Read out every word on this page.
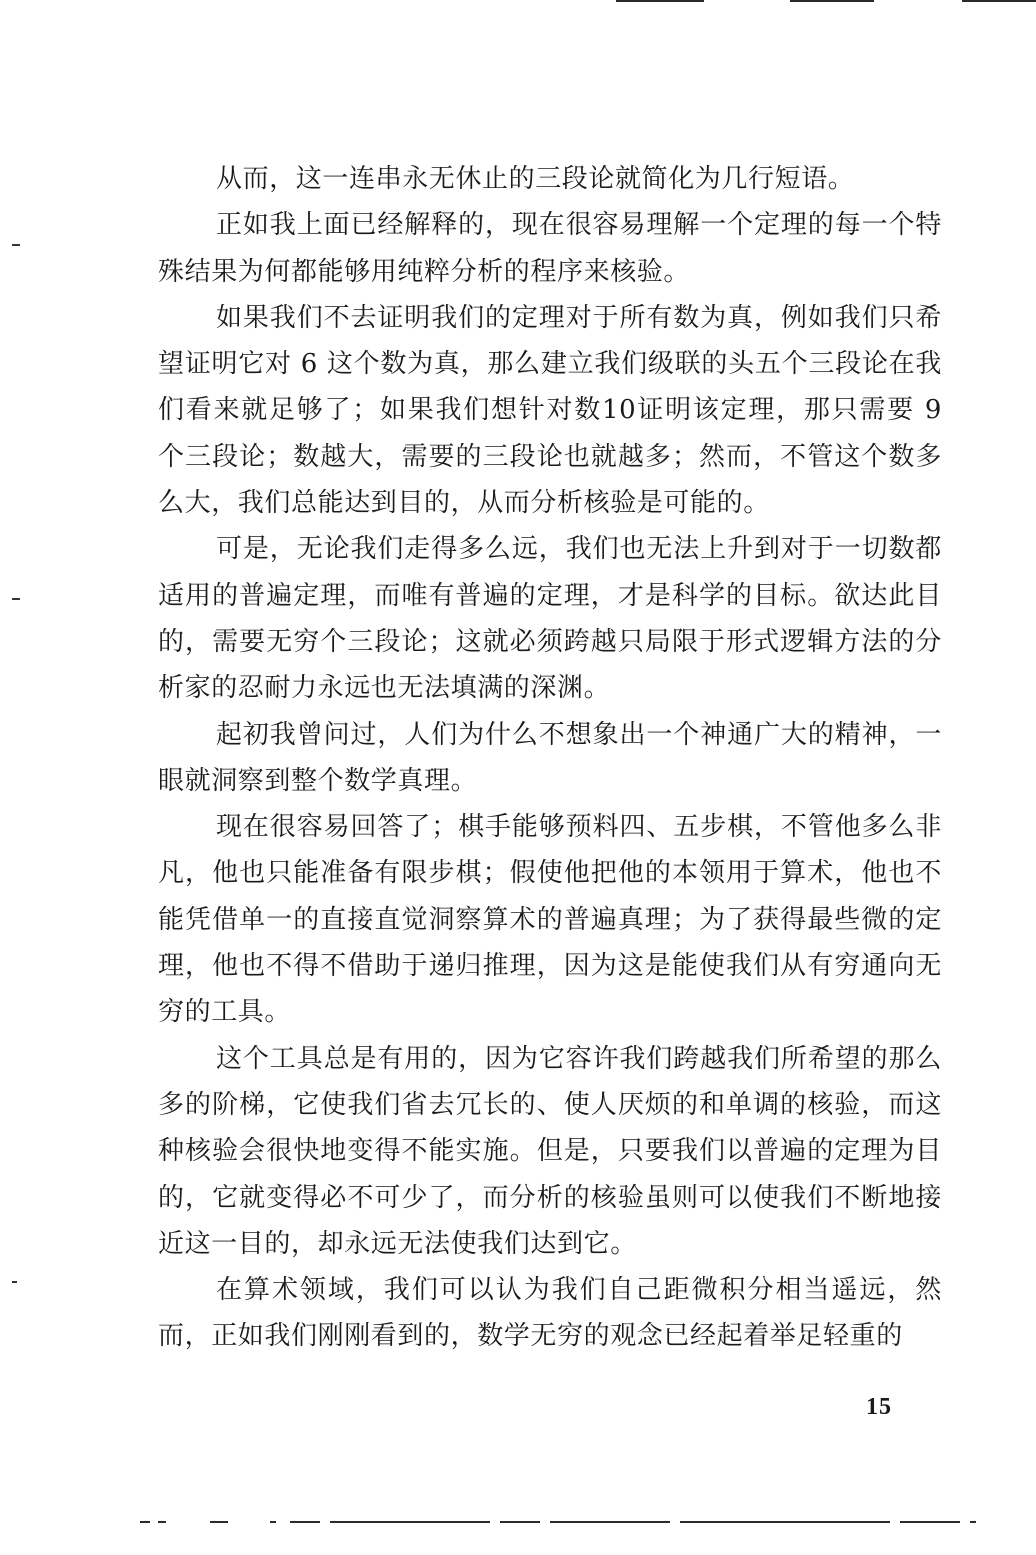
从而，这一连串永无休止的三段论就简化为几行短语。

正如我上面已经解释的，现在很容易理解一个定理的每一个特殊结果为何都能够用纯粹分析的程序来核验。

如果我们不去证明我们的定理对于所有数为真，例如我们只希望证明它对 6 这个数为真，那么建立我们级联的头五个三段论在我们看来就足够了；如果我们想针对数10证明该定理，那只需要 9 个三段论；数越大，需要的三段论也就越多；然而，不管这个数多么大，我们总能达到目的，从而分析核验是可能的。

可是，无论我们走得多么远，我们也无法上升到对于一切数都适用的普遍定理，而唯有普遍的定理，才是科学的目标。欲达此目的，需要无穷个三段论；这就必须跨越只局限于形式逻辑方法的分析家的忍耐力永远也无法填满的深渊。

起初我曾问过，人们为什么不想象出一个神通广大的精神，一眼就洞察到整个数学真理。

现在很容易回答了；棋手能够预料四、五步棋，不管他多么非凡，他也只能准备有限步棋；假使他把他的本领用于算术，他也不能凭借单一的直接直觉洞察算术的普遍真理；为了获得最些微的定理，他也不得不借助于递归推理，因为这是能使我们从有穷通向无穷的工具。

这个工具总是有用的，因为它容许我们跨越我们所希望的那么多的阶梯，它使我们省去冗长的、使人厌烦的和单调的核验，而这种核验会很快地变得不能实施。但是，只要我们以普遍的定理为目的，它就变得必不可少了，而分析的核验虽则可以使我们不断地接近这一目的，却永远无法使我们达到它。

在算术领域，我们可以认为我们自己距微积分相当遥远，然而，正如我们刚刚看到的，数学无穷的观念已经起着举足轻重的

15
